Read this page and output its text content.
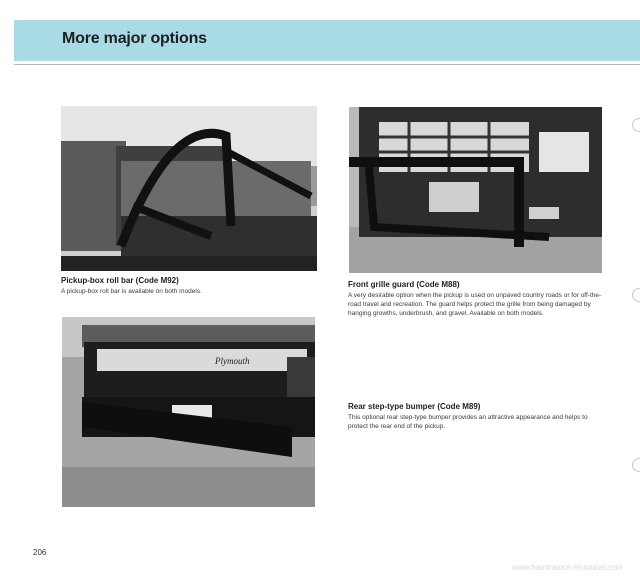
More major options
Pickup-box roll bar (Code M92)
A pickup-box roll bar is available on both models.
Front grille guard (Code M88)
A very desirable option when the pickup is used on unpaved country roads or for off-the-road travel and recreation. The guard helps protect the grille from being damaged by hanging growths, underbrush, and gravel. Available on both models.
Plymouth
Rear step-type bumper (Code M89)
This optional rear step-type bumper provides an attractive appearance and helps to protect the rear end of the pickup.
206
www.hamtramck-historical.com
